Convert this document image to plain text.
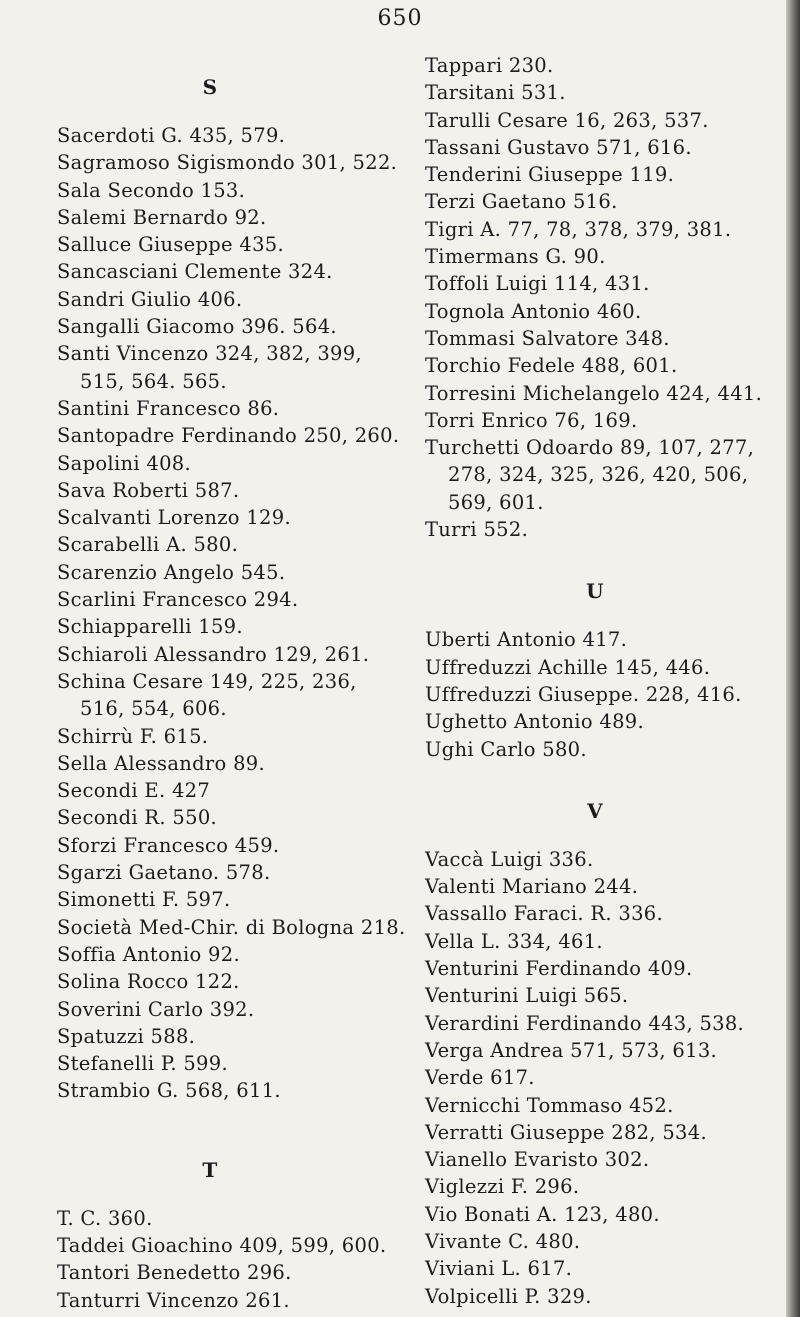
650
S
Sacerdoti G. 435, 579.
Sagramoso Sigismondo 301, 522.
Sala Secondo 153.
Salemi Bernardo 92.
Salluce Giuseppe 435.
Sancasciani Clemente 324.
Sandri Giulio 406.
Sangalli Giacomo 396. 564.
Santi Vincenzo 324, 382, 399,
515, 564. 565.
Santini Francesco 86.
Santopadre Ferdinando 250, 260.
Sapolini 408.
Sava Roberti 587.
Scalvanti Lorenzo 129.
Scarabelli A. 580.
Scarenzio Angelo 545.
Scarlini Francesco 294.
Schiapparelli 159.
Schiaroli Alessandro 129, 261.
Schina Cesare 149, 225, 236,
516, 554, 606.
Schirrù F. 615.
Sella Alessandro 89.
Secondi E. 427
Secondi R. 550.
Sforzi Francesco 459.
Sgarzi Gaetano. 578.
Simonetti F. 597.
Società Med-Chir. di Bologna 218.
Soffia Antonio 92.
Solina Rocco 122.
Soverini Carlo 392.
Spatuzzi 588.
Stefanelli P. 599.
Strambio G. 568, 611.
T
T. C. 360.
Taddei Gioachino 409, 599, 600.
Tantori Benedetto 296.
Tanturri Vincenzo 261.
Tappari 230.
Tarsitani 531.
Tarulli Cesare 16, 263, 537.
Tassani Gustavo 571, 616.
Tenderini Giuseppe 119.
Terzi Gaetano 516.
Tigri A. 77, 78, 378, 379, 381.
Timermans G. 90.
Toffoli Luigi 114, 431.
Tognola Antonio 460.
Tommasi Salvatore 348.
Torchio Fedele 488, 601.
Torresini Michelangelo 424, 441.
Torri Enrico 76, 169.
Turchetti Odoardo 89, 107, 277,
278, 324, 325, 326, 420, 506,
569, 601.
Turri 552.
U
Uberti Antonio 417.
Uffreduzzi Achille 145, 446.
Uffreduzzi Giuseppe. 228, 416.
Ughetto Antonio 489.
Ughi Carlo 580.
V
Vaccà Luigi 336.
Valenti Mariano 244.
Vassallo Faraci. R. 336.
Vella L. 334, 461.
Venturini Ferdinando 409.
Venturini Luigi 565.
Verardini Ferdinando 443, 538.
Verga Andrea 571, 573, 613.
Verde 617.
Vernicchi Tommaso 452.
Verratti Giuseppe 282, 534.
Vianello Evaristo 302.
Viglezzi F. 296.
Vio Bonati A. 123, 480.
Vivante C. 480.
Viviani L. 617.
Volpicelli P. 329.
